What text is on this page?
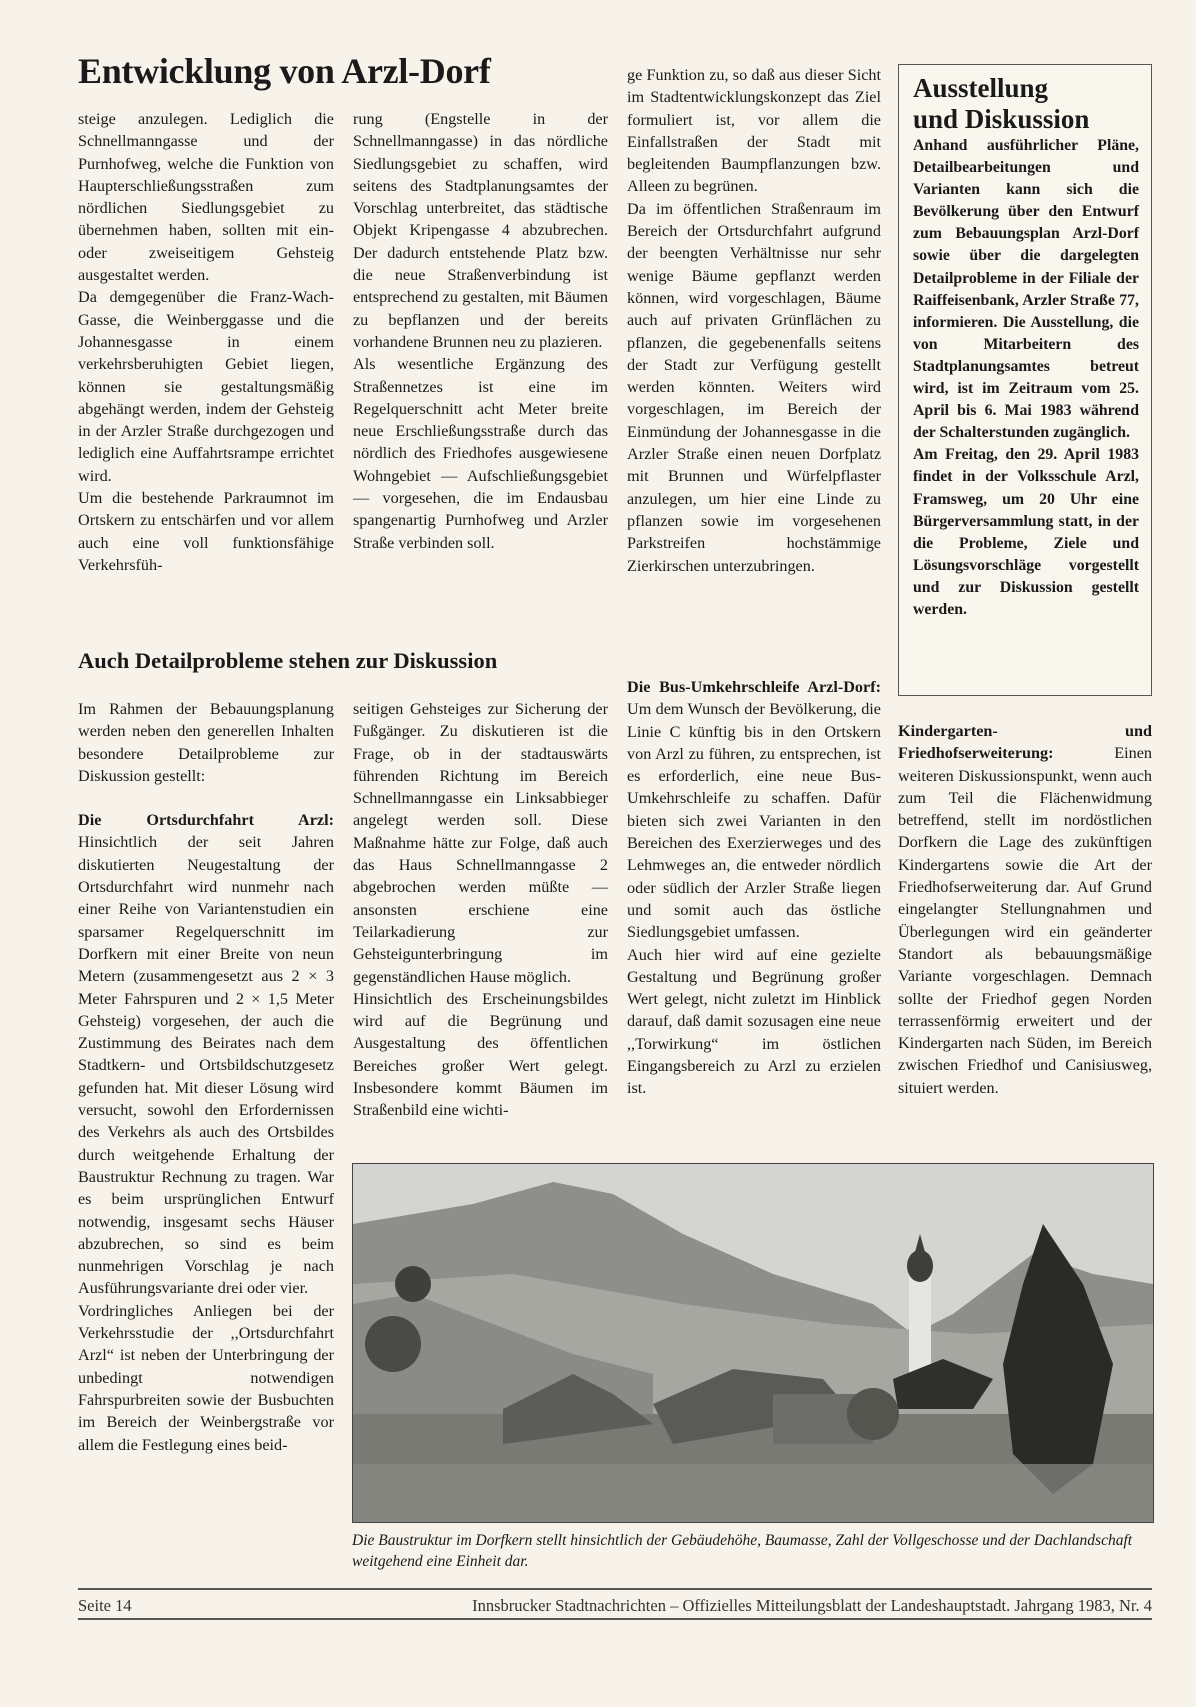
Entwicklung von Arzl-Dorf

steige anzulegen. Lediglich die Schnellmanngasse und der Purnhofweg, welche die Funktion von Haupterschließungsstraßen zum nördlichen Siedlungsgebiet zu übernehmen haben, sollten mit ein- oder zweiseitigem Gehsteig ausgestaltet werden.

Da demgegenüber die Franz-Wach-Gasse, die Weinberggasse und die Johannesgasse in einem verkehrsberuhigten Gebiet liegen, können sie gestaltungsmäßig abgehängt werden, indem der Gehsteig in der Arzler Straße durchgezogen und lediglich eine Auffahrtsrampe errichtet wird.

Um die bestehende Parkraumnot im Ortskern zu entschärfen und vor allem auch eine voll funktionsfähige Verkehrsfüh-

rung (Engstelle in der Schnellmanngasse) in das nördliche Siedlungsgebiet zu schaffen, wird seitens des Stadtplanungsamtes der Vorschlag unterbreitet, das städtische Objekt Kripengasse 4 abzubrechen. Der dadurch entstehende Platz bzw. die neue Straßenverbindung ist entsprechend zu gestalten, mit Bäumen zu bepflanzen und der bereits vorhandene Brunnen neu zu plazieren.

Als wesentliche Ergänzung des Straßennetzes ist eine im Regelquerschnitt acht Meter breite neue Erschließungsstraße durch das nördlich des Friedhofes ausgewiesene Wohngebiet — Aufschließungsgebiet — vorgesehen, die im Endausbau spangenartig Purnhofweg und Arzler Straße verbinden soll.

ge Funktion zu, so daß aus dieser Sicht im Stadtentwicklungskonzept das Ziel formuliert ist, vor allem die Einfallstraßen der Stadt mit begleitenden Baumpflanzungen bzw. Alleen zu begrünen.

Da im öffentlichen Straßenraum im Bereich der Ortsdurchfahrt aufgrund der beengten Verhältnisse nur sehr wenige Bäume gepflanzt werden können, wird vorgeschlagen, Bäume auch auf privaten Grünflächen zu pflanzen, die gegebenenfalls seitens der Stadt zur Verfügung gestellt werden könnten. Weiters wird vorgeschlagen, im Bereich der Einmündung der Johannesgasse in die Arzler Straße einen neuen Dorfplatz mit Brunnen und Würfelpflaster anzulegen, um hier eine Linde zu pflanzen sowie im vorgesehenen Parkstreifen hochstämmige Zierkirschen unterzubringen.

Ausstellung
und Diskussion

Anhand ausführlicher Pläne, Detailbearbeitungen und Varianten kann sich die Bevölkerung über den Entwurf zum Bebauungsplan Arzl-Dorf sowie über die dargelegten Detailprobleme in der Filiale der Raiffeisenbank, Arzler Straße 77, informieren. Die Ausstellung, die von Mitarbeitern des Stadtplanungsamtes betreut wird, ist im Zeitraum vom 25. April bis 6. Mai 1983 während der Schalterstunden zugänglich.

Am Freitag, den 29. April 1983 findet in der Volksschule Arzl, Framsweg, um 20 Uhr eine Bürgerversammlung statt, in der die Probleme, Ziele und Lösungsvorschläge vorgestellt und zur Diskussion gestellt werden.

Auch Detailprobleme stehen zur Diskussion

Im Rahmen der Bebauungsplanung werden neben den generellen Inhalten besondere Detailprobleme zur Diskussion gestellt:

Die Ortsdurchfahrt Arzl: Hinsichtlich der seit Jahren diskutierten Neugestaltung der Ortsdurchfahrt wird nunmehr nach einer Reihe von Variantenstudien ein sparsamer Regelquerschnitt im Dorfkern mit einer Breite von neun Metern (zusammengesetzt aus 2 × 3 Meter Fahrspuren und 2 × 1,5 Meter Gehsteig) vorgesehen, der auch die Zustimmung des Beirates nach dem Stadtkern- und Ortsbildschutzgesetz gefunden hat. Mit dieser Lösung wird versucht, sowohl den Erfordernissen des Verkehrs als auch des Ortsbildes durch weitgehende Erhaltung der Baustruktur Rechnung zu tragen. War es beim ursprünglichen Entwurf notwendig, insgesamt sechs Häuser abzubrechen, so sind es beim nunmehrigen Vorschlag je nach Ausführungsvariante drei oder vier.

Vordringliches Anliegen bei der Verkehrsstudie der ,,Ortsdurchfahrt Arzl“ ist neben der Unterbringung der unbedingt notwendigen Fahrspurbreiten sowie der Busbuchten im Bereich der Weinbergstraße vor allem die Festlegung eines beid-

seitigen Gehsteiges zur Sicherung der Fußgänger. Zu diskutieren ist die Frage, ob in der stadtauswärts führenden Richtung im Bereich Schnellmanngasse ein Linksabbieger angelegt werden soll. Diese Maßnahme hätte zur Folge, daß auch das Haus Schnellmanngasse 2 abgebrochen werden müßte — ansonsten erschiene eine Teilarkadierung zur Gehsteigunterbringung im gegenständlichen Hause möglich.

Hinsichtlich des Erscheinungsbildes wird auf die Begrünung und Ausgestaltung des öffentlichen Bereiches großer Wert gelegt. Insbesondere kommt Bäumen im Straßenbild eine wichti-

Die Bus-Umkehrschleife Arzl-Dorf: Um dem Wunsch der Bevölkerung, die Linie C künftig bis in den Ortskern von Arzl zu führen, zu entsprechen, ist es erforderlich, eine neue Bus-Umkehrschleife zu schaffen. Dafür bieten sich zwei Varianten in den Bereichen des Exerzierweges und des Lehmweges an, die entweder nördlich oder südlich der Arzler Straße liegen und somit auch das östliche Siedlungsgebiet umfassen.

Auch hier wird auf eine gezielte Gestaltung und Begrünung großer Wert gelegt, nicht zuletzt im Hinblick darauf, daß damit sozusagen eine neue ,,Torwirkung“ im östlichen Eingangsbereich zu Arzl zu erzielen ist.

Kindergarten- und Friedhofserweiterung: Einen weiteren Diskussionspunkt, wenn auch zum Teil die Flächenwidmung betreffend, stellt im nordöstlichen Dorfkern die Lage des zukünftigen Kindergartens sowie die Art der Friedhofserweiterung dar. Auf Grund eingelangter Stellungnahmen und Überlegungen wird ein geänderter Standort als bebauungsmäßige Variante vorgeschlagen. Demnach sollte der Friedhof gegen Norden terrassenförmig erweitert und der Kindergarten nach Süden, im Bereich zwischen Friedhof und Canisiusweg, situiert werden.

Die Baustruktur im Dorfkern stellt hinsichtlich der Gebäudehöhe, Baumasse, Zahl der Vollgeschosse und der Dachlandschaft weitgehend eine Einheit dar.
Seite 14	Innsbrucker Stadtnachrichten – Offizielles Mitteilungsblatt der Landeshauptstadt. Jahrgang 1983, Nr. 4
